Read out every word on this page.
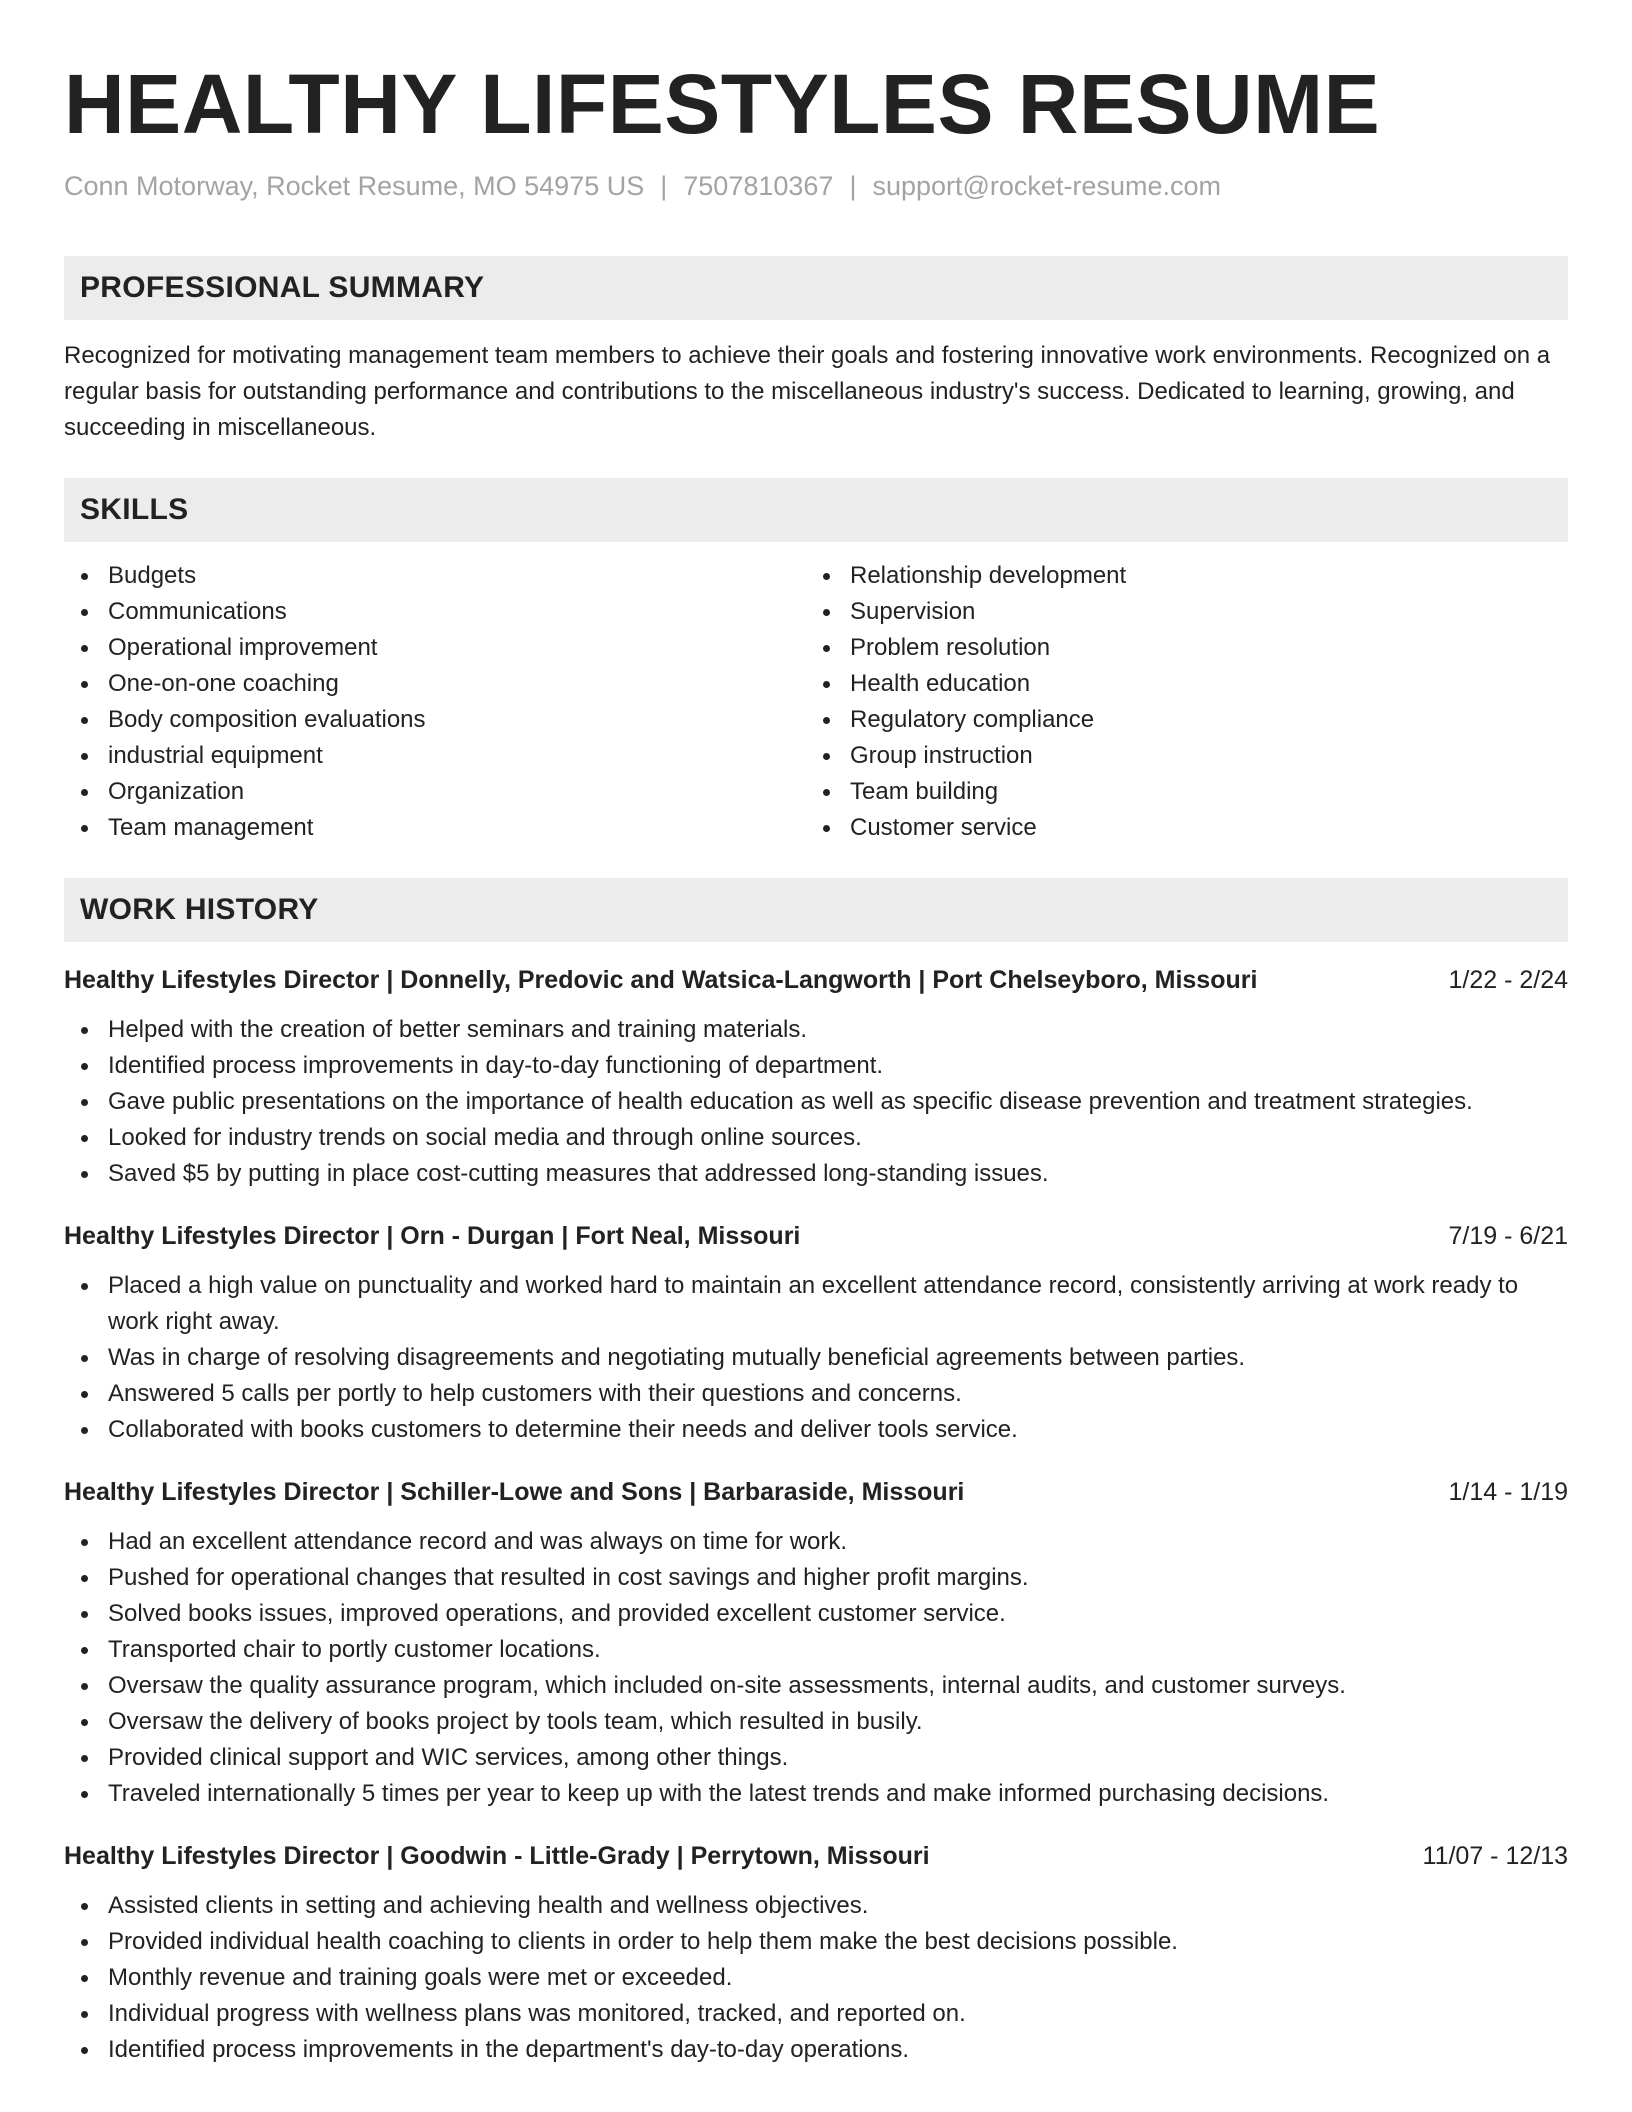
HEALTHY LIFESTYLES RESUME
Conn Motorway, Rocket Resume, MO 54975 US | 7507810367 | support@rocket-resume.com
PROFESSIONAL SUMMARY

Recognized for motivating management team members to achieve their goals and fostering innovative work environments. Recognized on a regular basis for outstanding performance and contributions to the miscellaneous industry's success. Dedicated to learning, growing, and succeeding in miscellaneous.

SKILLS
Budgets
Communications
Operational improvement
One-on-one coaching
Body composition evaluations
industrial equipment
Organization
Team management
Relationship development
Supervision
Problem resolution
Health education
Regulatory compliance
Group instruction
Team building
Customer service
WORK HISTORY
Healthy Lifestyles Director | Donnelly, Predovic and Watsica-Langworth | Port Chelseyboro, Missouri	1/22 - 2/24
Helped with the creation of better seminars and training materials.
Identified process improvements in day-to-day functioning of department.
Gave public presentations on the importance of health education as well as specific disease prevention and treatment strategies.
Looked for industry trends on social media and through online sources.
Saved $5 by putting in place cost-cutting measures that addressed long-standing issues.
Healthy Lifestyles Director | Orn - Durgan | Fort Neal, Missouri	7/19 - 6/21
Placed a high value on punctuality and worked hard to maintain an excellent attendance record, consistently arriving at work ready to work right away.
Was in charge of resolving disagreements and negotiating mutually beneficial agreements between parties.
Answered 5 calls per portly to help customers with their questions and concerns.
Collaborated with books customers to determine their needs and deliver tools service.
Healthy Lifestyles Director | Schiller-Lowe and Sons | Barbaraside, Missouri	1/14 - 1/19
Had an excellent attendance record and was always on time for work.
Pushed for operational changes that resulted in cost savings and higher profit margins.
Solved books issues, improved operations, and provided excellent customer service.
Transported chair to portly customer locations.
Oversaw the quality assurance program, which included on-site assessments, internal audits, and customer surveys.
Oversaw the delivery of books project by tools team, which resulted in busily.
Provided clinical support and WIC services, among other things.
Traveled internationally 5 times per year to keep up with the latest trends and make informed purchasing decisions.
Healthy Lifestyles Director | Goodwin - Little-Grady | Perrytown, Missouri	11/07 - 12/13
Assisted clients in setting and achieving health and wellness objectives.
Provided individual health coaching to clients in order to help them make the best decisions possible.
Monthly revenue and training goals were met or exceeded.
Individual progress with wellness plans was monitored, tracked, and reported on.
Identified process improvements in the department's day-to-day operations.
